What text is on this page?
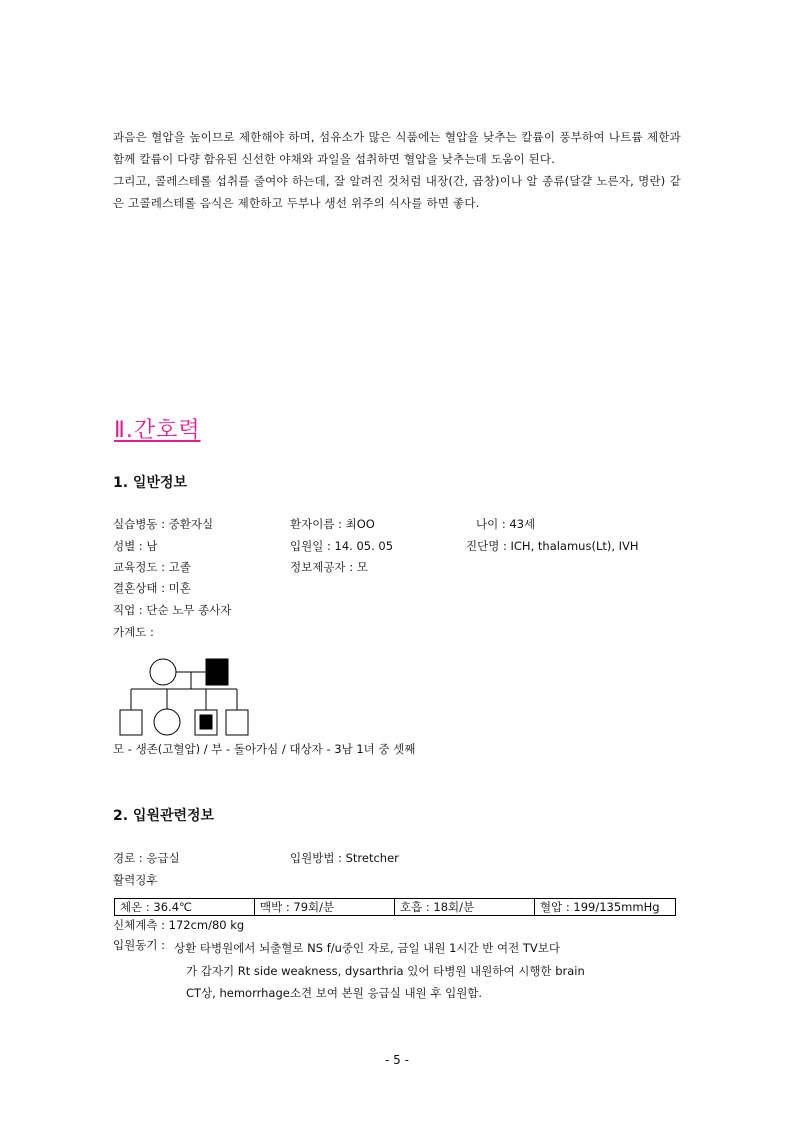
과음은 혈압을 높이므로 제한해야 하며, 섬유소가 많은 식품에는 혈압을 낮추는 칼륨이 풍부하여 나트륨 제한과 함께 칼륨이 다량 함유된 신선한 야채와 과일을 섭취하면 혈압을 낮추는데 도움이 된다.

그리고, 콜레스테롤 섭취를 줄여야 하는데, 잘 알려진 것처럼 내장(간, 곱창)이나 알 종류(달걀 노른자, 명란) 같은 고콜레스테롤 음식은 제한하고 두부나 생선 위주의 식사를 하면 좋다.

Ⅱ.간호력
1. 일반정보
실습병동 : 중환자실	환자이름 : 최OO	나이 : 43세
성별 : 남	입원일 : 14. 05. 05	진단명 : ICH, thalamus(Lt), IVH
교육정도 : 고졸	정보제공자 : 모
결혼상태 : 미혼
직업 : 단순 노무 종사자
가계도 :
모 - 생존(고혈압) / 부 - 돌아가심 / 대상자 - 3남 1녀 중 셋째
2. 입원관련정보
경로 : 응급실	입원방법 : Stretcher
활력징후
체온 : 36.4℃	맥박 : 79회/분	호흡 : 18회/분	혈압 : 199/135mmHg
신체계측 : 172cm/80 kg
입원동기 : 상환 타병원에서 뇌출혈로 NS f/u중인 자로, 금일 내원 1시간 반 여전 TV보다
가 갑자기 Rt side weakness, dysarthria 있어 타병원 내원하여 시행한 brain
CT상, hemorrhage소견 보여 본원 응급실 내원 후 입원함.
- 5 -
